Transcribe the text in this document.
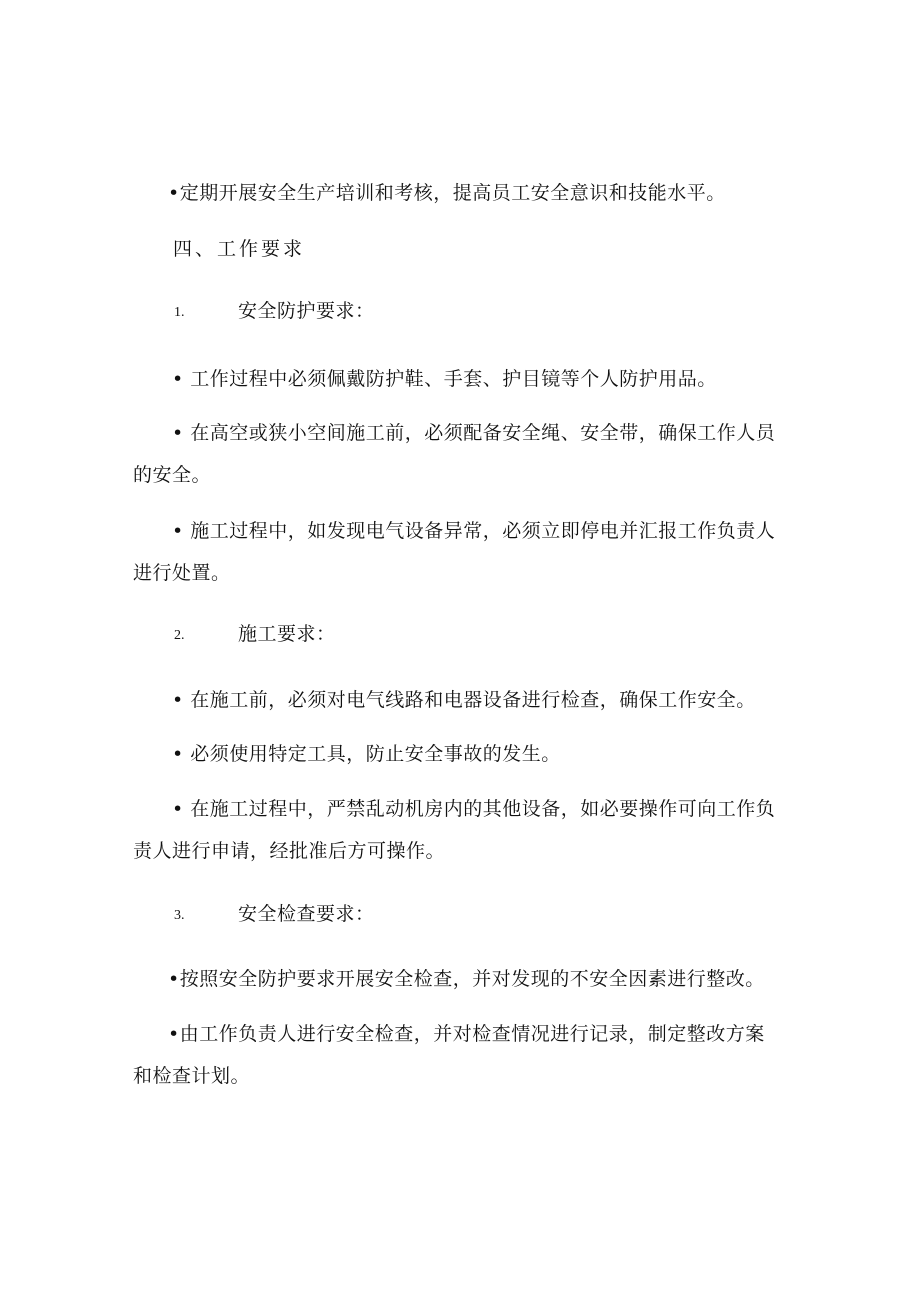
•定期开展安全生产培训和考核，提高员工安全意识和技能水平。
四、工作要求
1.	安全防护要求：
• 工作过程中必须佩戴防护鞋、手套、护目镜等个人防护用品。
• 在高空或狭小空间施工前，必须配备安全绳、安全带，确保工作人员
的安全。
• 施工过程中，如发现电气设备异常，必须立即停电并汇报工作负责人
进行处置。
2.	施工要求：
• 在施工前，必须对电气线路和电器设备进行检查，确保工作安全。
• 必须使用特定工具，防止安全事故的发生。
• 在施工过程中，严禁乱动机房内的其他设备，如必要操作可向工作负
责人进行申请，经批准后方可操作。
3.	安全检查要求：
•按照安全防护要求开展安全检查，并对发现的不安全因素进行整改。
•由工作负责人进行安全检查，并对检查情况进行记录，制定整改方案
和检查计划。
